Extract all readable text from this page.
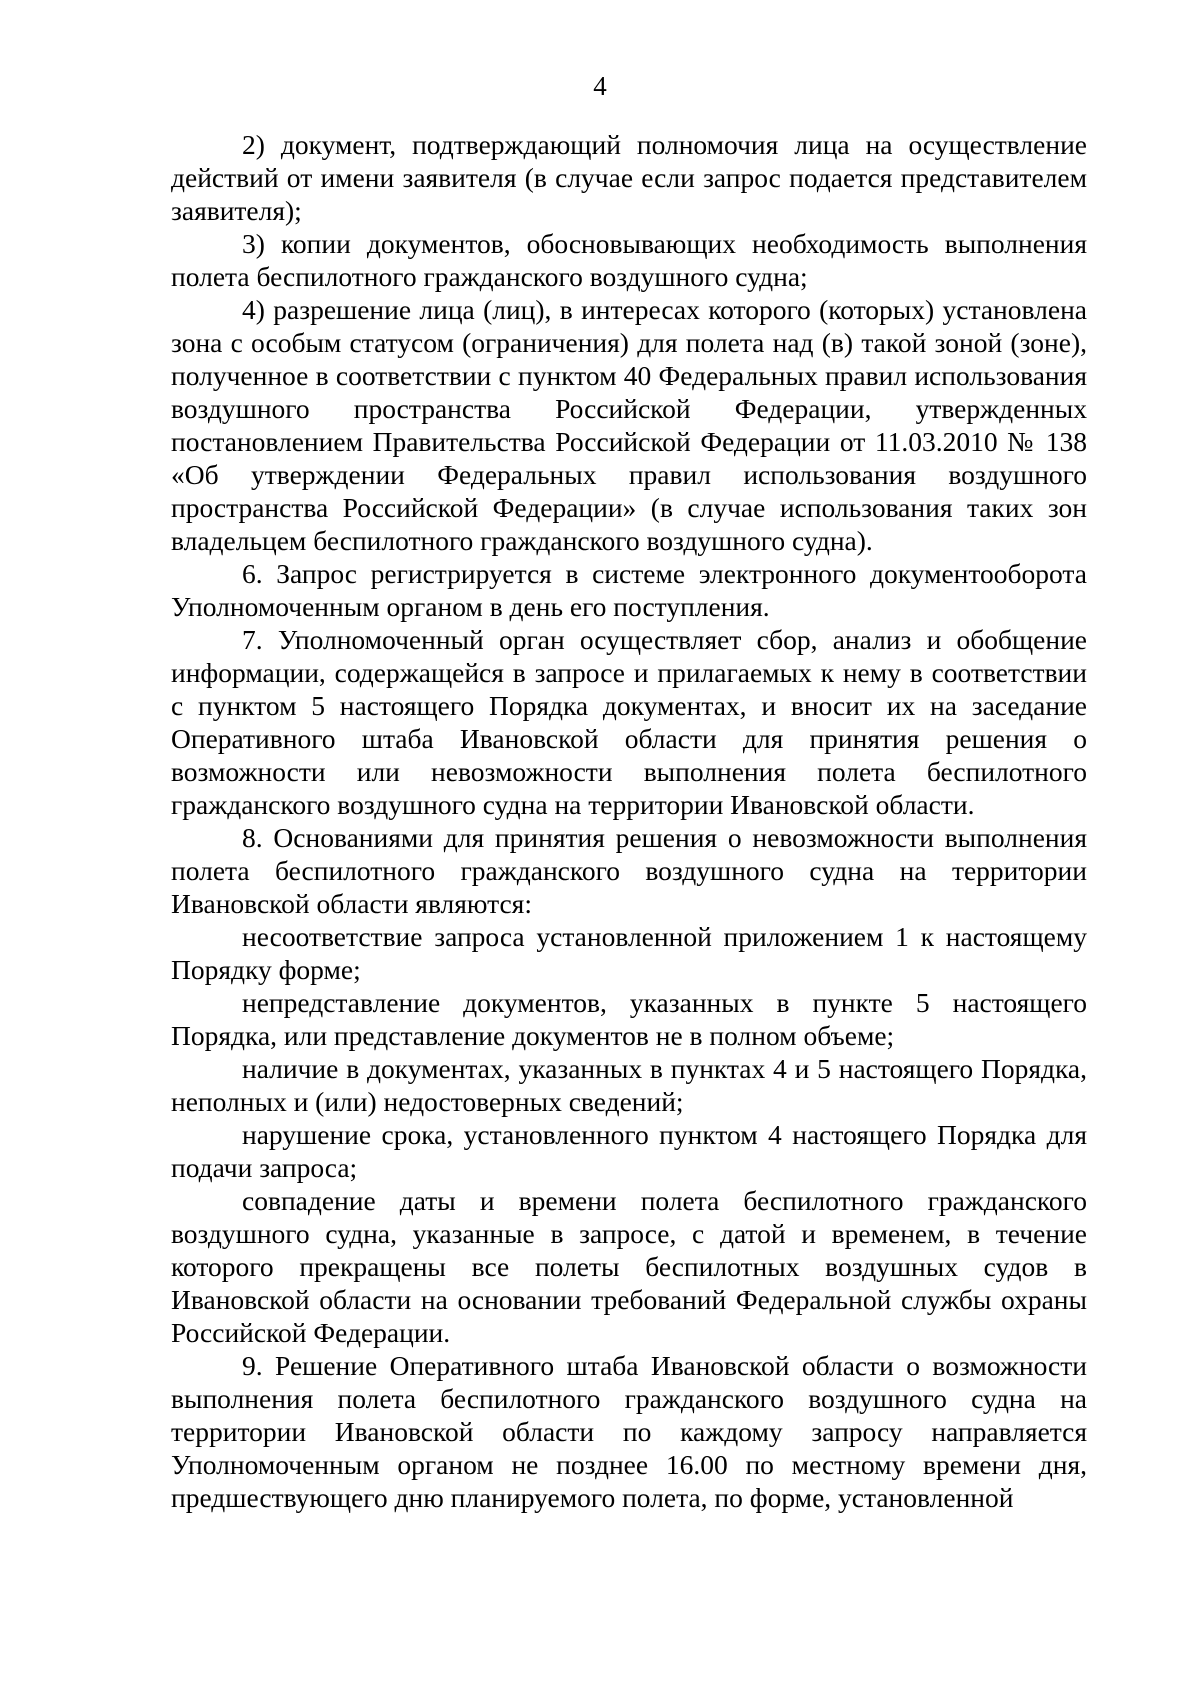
4

2) документ, подтверждающий полномочия лица на осуществление действий от имени заявителя (в случае если запрос подается представителем заявителя);

3) копии документов, обосновывающих необходимость выполнения полета беспилотного гражданского воздушного судна;

4) разрешение лица (лиц), в интересах которого (которых) установлена зона с особым статусом (ограничения) для полета над (в) такой зоной (зоне), полученное в соответствии с пунктом 40 Федеральных правил использования воздушного пространства Российской Федерации, утвержденных постановлением Правительства Российской Федерации от 11.03.2010 № 138 «Об утверждении Федеральных правил использования воздушного пространства Российской Федерации» (в случае использования таких зон владельцем беспилотного гражданского воздушного судна).

6. Запрос регистрируется в системе электронного документооборота Уполномоченным органом в день его поступления.

7. Уполномоченный орган осуществляет сбор, анализ и обобщение информации, содержащейся в запросе и прилагаемых к нему в соответствии с пунктом 5 настоящего Порядка документах, и вносит их на заседание Оперативного штаба Ивановской области для принятия решения о возможности или невозможности выполнения полета беспилотного гражданского воздушного судна на территории Ивановской области.

8. Основаниями для принятия решения о невозможности выполнения полета беспилотного гражданского воздушного судна на территории Ивановской области являются:

несоответствие запроса установленной приложением 1 к настоящему Порядку форме;

непредставление документов, указанных в пункте 5 настоящего Порядка, или представление документов не в полном объеме;

наличие в документах, указанных в пунктах 4 и 5 настоящего Порядка, неполных и (или) недостоверных сведений;

нарушение срока, установленного пунктом 4 настоящего Порядка для подачи запроса;

совпадение даты и времени полета беспилотного гражданского воздушного судна, указанные в запросе, с датой и временем, в течение которого прекращены все полеты беспилотных воздушных судов в Ивановской области на основании требований Федеральной службы охраны Российской Федерации.

9. Решение Оперативного штаба Ивановской области о возможности выполнения полета беспилотного гражданского воздушного судна на территории Ивановской области по каждому запросу направляется Уполномоченным органом не позднее 16.00 по местному времени дня, предшествующего дню планируемого полета, по форме, установленной
